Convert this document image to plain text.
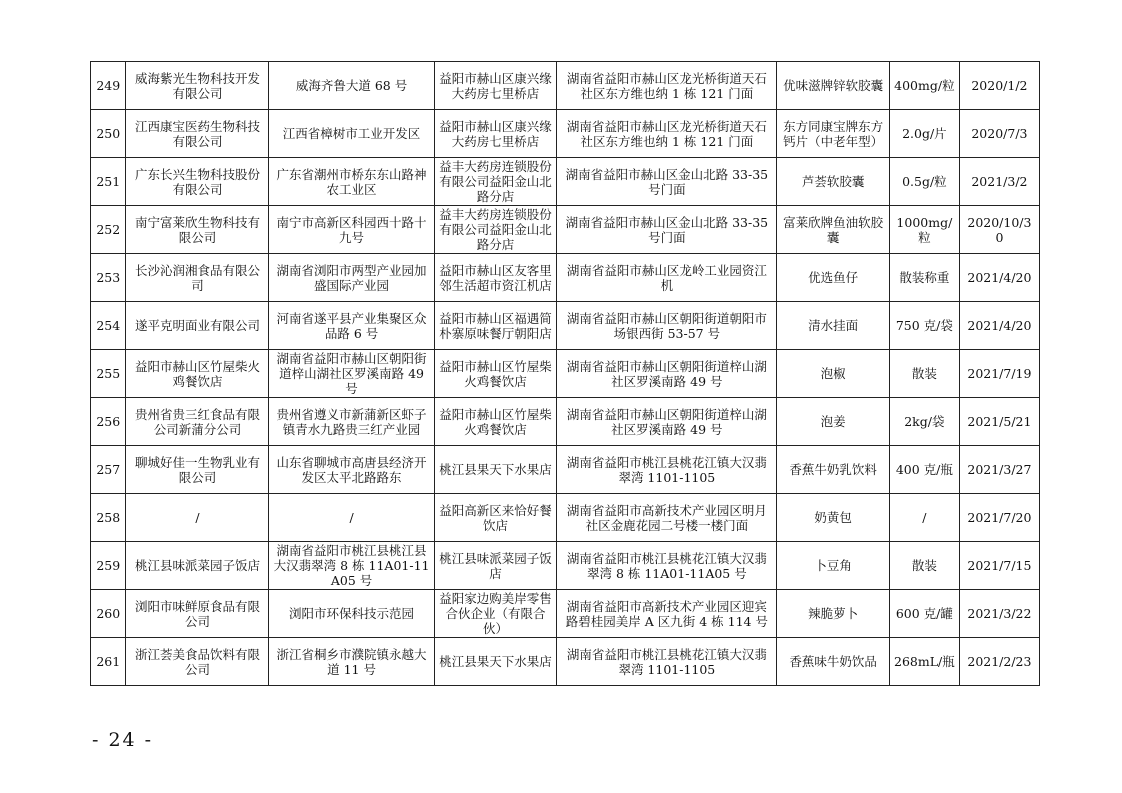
249	威海紫光生物科技开发有限公司	威海齐鲁大道 68 号	益阳市赫山区康兴缘大药房七里桥店	湖南省益阳市赫山区龙光桥街道天石社区东方维也纳 1 栋 121 门面	优味滋牌锌软胶囊	400mg/粒	2020/1/2
250	江西康宝医药生物科技有限公司	江西省樟树市工业开发区	益阳市赫山区康兴缘大药房七里桥店	湖南省益阳市赫山区龙光桥街道天石社区东方维也纳 1 栋 121 门面	东方同康宝牌东方钙片（中老年型）	2.0g/片	2020/7/3
251	广东长兴生物科技股份有限公司	广东省潮州市桥东东山路神农工业区	益丰大药房连锁股份有限公司益阳金山北路分店	湖南省益阳市赫山区金山北路 33-35 号门面	芦荟软胶囊	0.5g/粒	2021/3/2
252	南宁富莱欣生物科技有限公司	南宁市高新区科园西十路十九号	益丰大药房连锁股份有限公司益阳金山北路分店	湖南省益阳市赫山区金山北路 33-35 号门面	富莱欣牌鱼油软胶囊	1000mg/粒	2020/10/30
253	长沙沁润湘食品有限公司	湖南省浏阳市两型产业园加盛国际产业园	益阳市赫山区友客里邻生活超市资江机店	湖南省益阳市赫山区龙岭工业园资江机	优选鱼仔	散装称重	2021/4/20
254	遂平克明面业有限公司	河南省遂平县产业集聚区众品路 6 号	益阳市赫山区福遇简朴寨原味餐厅朝阳店	湖南省益阳市赫山区朝阳街道朝阳市场银西街 53-57 号	清水挂面	750 克/袋	2021/4/20
255	益阳市赫山区竹屋柴火鸡餐饮店	湖南省益阳市赫山区朝阳街道梓山湖社区罗溪南路 49 号	益阳市赫山区竹屋柴火鸡餐饮店	湖南省益阳市赫山区朝阳街道梓山湖社区罗溪南路 49 号	泡椒	散装	2021/7/19
256	贵州省贵三红食品有限公司新蒲分公司	贵州省遵义市新蒲新区虾子镇青水九路贵三红产业园	益阳市赫山区竹屋柴火鸡餐饮店	湖南省益阳市赫山区朝阳街道梓山湖社区罗溪南路 49 号	泡姜	2kg/袋	2021/5/21
257	聊城好佳一生物乳业有限公司	山东省聊城市高唐县经济开发区太平北路路东	桃江县果天下水果店	湖南省益阳市桃江县桃花江镇大汉翡翠湾 1101-1105	香蕉牛奶乳饮料	400 克/瓶	2021/3/27
258	/	/	益阳高新区来恰好餐饮店	湖南省益阳市高新技术产业园区明月社区金鹿花园二号楼一楼门面	奶黄包	/	2021/7/20
259	桃江县味派菜园子饭店	湖南省益阳市桃江县桃江县大汉翡翠湾 8 栋 11A01-11A05 号	桃江县味派菜园子饭店	湖南省益阳市桃江县桃花江镇大汉翡翠湾 8 栋 11A01-11A05 号	卜豆角	散装	2021/7/15
260	浏阳市味鲜原食品有限公司	浏阳市环保科技示范园	益阳家边购美岸零售合伙企业（有限合伙）	湖南省益阳市高新技术产业园区迎宾路碧桂园美岸 A 区九街 4 栋 114 号	辣脆萝卜	600 克/罐	2021/3/22
261	浙江荟美食品饮料有限公司	浙江省桐乡市濮院镇永越大道 11 号	桃江县果天下水果店	湖南省益阳市桃江县桃花江镇大汉翡翠湾 1101-1105	香蕉味牛奶饮品	268mL/瓶	2021/2/23
- 24 -
